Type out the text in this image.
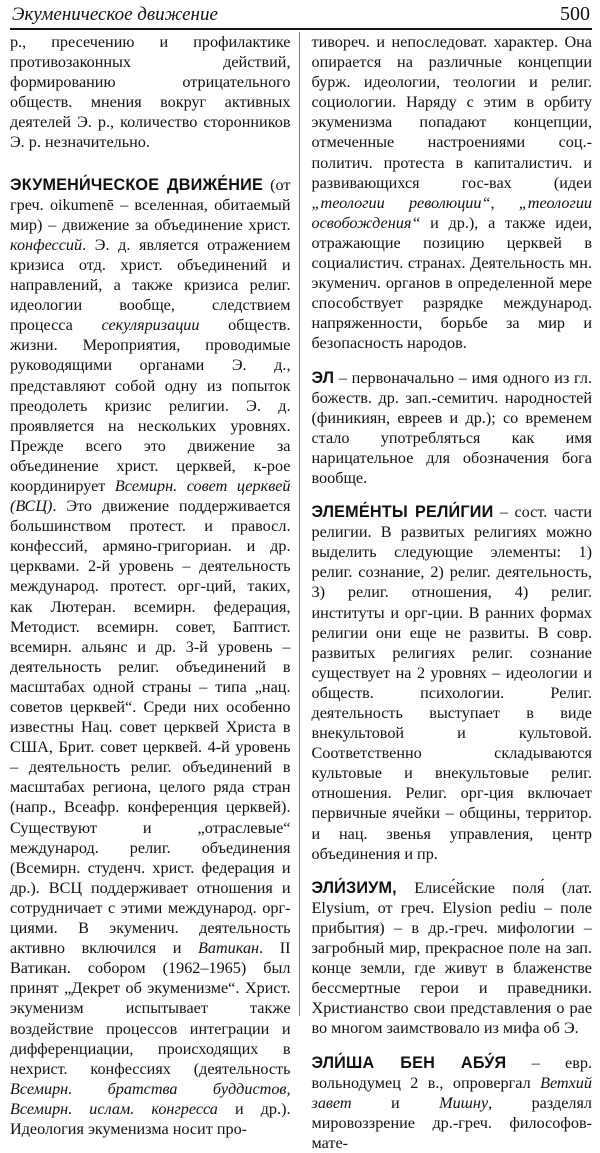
Экуменическое движение	500

р., пресечению и профилактике противозаконных действий, формированию отрицательного обществ. мнения вокруг активных деятелей Э. р., количество сторонников Э. р. незначительно.

ЭКУМЕНИ́ЧЕСКОЕ ДВИЖЕ́НИЕ (от греч. oikumenē – вселенная, обитаемый мир) – движение за объединение христ. конфессий. Э. д. является отражением кризиса отд. христ. объединений и направлений, а также кризиса религ. идеологии вообще, следствием процесса секуляризации обществ. жизни. Мероприятия, проводимые руководящими органами Э. д., представляют собой одну из попыток преодолеть кризис религии. Э. д. проявляется на нескольких уровнях. Прежде всего это движение за объединение христ. церквей, к-рое координирует Всемирн. совет церквей (ВСЦ). Это движение поддерживается большинством протест. и правосл. конфессий, армяно-григориан. и др. церквами. 2-й уровень – деятельность международ. протест. орг-ций, таких, как Лютеран. всемирн. федерация, Методист. всемирн. совет, Баптист. всемирн. альянс и др. 3-й уровень – деятельность религ. объединений в масштабах одной страны – типа „нац. советов церквей“. Среди них особенно известны Нац. совет церквей Христа в США, Брит. совет церквей. 4-й уровень – деятельность религ. объединений в масштабах региона, целого ряда стран (напр., Всеафр. конференция церквей). Существуют и „отраслевые“ международ. религ. объединения (Всемирн. студенч. христ. федерация и др.). ВСЦ поддерживает отношения и сотрудничает с этими международ. орг-циями. В экуменич. деятельность активно включился и Ватикан. II Ватикан. собором (1962–1965) был принят „Декрет об экуменизме“. Христ. экуменизм испытывает также воздействие процессов интеграции и дифференциации, происходящих в нехрист. конфессиях (деятельность Всемирн. братства буддистов, Всемирн. ислам. конгресса и др.). Идеология экуменизма носит про-

тивореч. и непоследоват. характер. Она опирается на различные концепции бурж. идеологии, теологии и религ. социологии. Наряду с этим в орбиту экуменизма попадают концепции, отмеченные настроениями соц.-политич. протеста в капиталистич. и развивающихся гос-вах (идеи „теологии революции“, „теологии освобождения“ и др.), а также идеи, отражающие позицию церквей в социалистич. странах. Деятельность мн. экуменич. органов в определенной мере способствует разрядке международ. напряженности, борьбе за мир и безопасность народов.

ЭЛ – первоначально – имя одного из гл. божеств. др. зап.-семитич. народностей (финикиян, евреев и др.); со временем стало употребляться как имя нарицательное для обозначения бога вообще.

ЭЛЕМЕ́НТЫ РЕЛИ́ГИИ – сост. части религии. В развитых религиях можно выделить следующие элементы: 1) религ. сознание, 2) религ. деятельность, 3) религ. отношения, 4) религ. институты и орг-ции. В ранних формах религии они еще не развиты. В совр. развитых религиях религ. сознание существует на 2 уровнях – идеологии и обществ. психологии. Религ. деятельность выступает в виде внекультовой и культовой. Соответственно складываются культовые и внекультовые религ. отношения. Религ. орг-ция включает первичные ячейки – общины, территор. и нац. звенья управления, центр объединения и пр.

ЭЛИ́ЗИУМ, Елисе́йские поля́ (лат. Elysium, от греч. Elysion pediu – поле прибытия) – в др.-греч. мифологии – загробный мир, прекрасное поле на зап. конце земли, где живут в блаженстве бессмертные герои и праведники. Христианство свои представления о рае во многом заимствовало из мифа об Э.

ЭЛИ́ША БЕН АБУ́Я – евр. вольнодумец 2 в., опровергал Ветхий завет и Мишну, разделял мировоззрение др.-греч. философов-мате-
